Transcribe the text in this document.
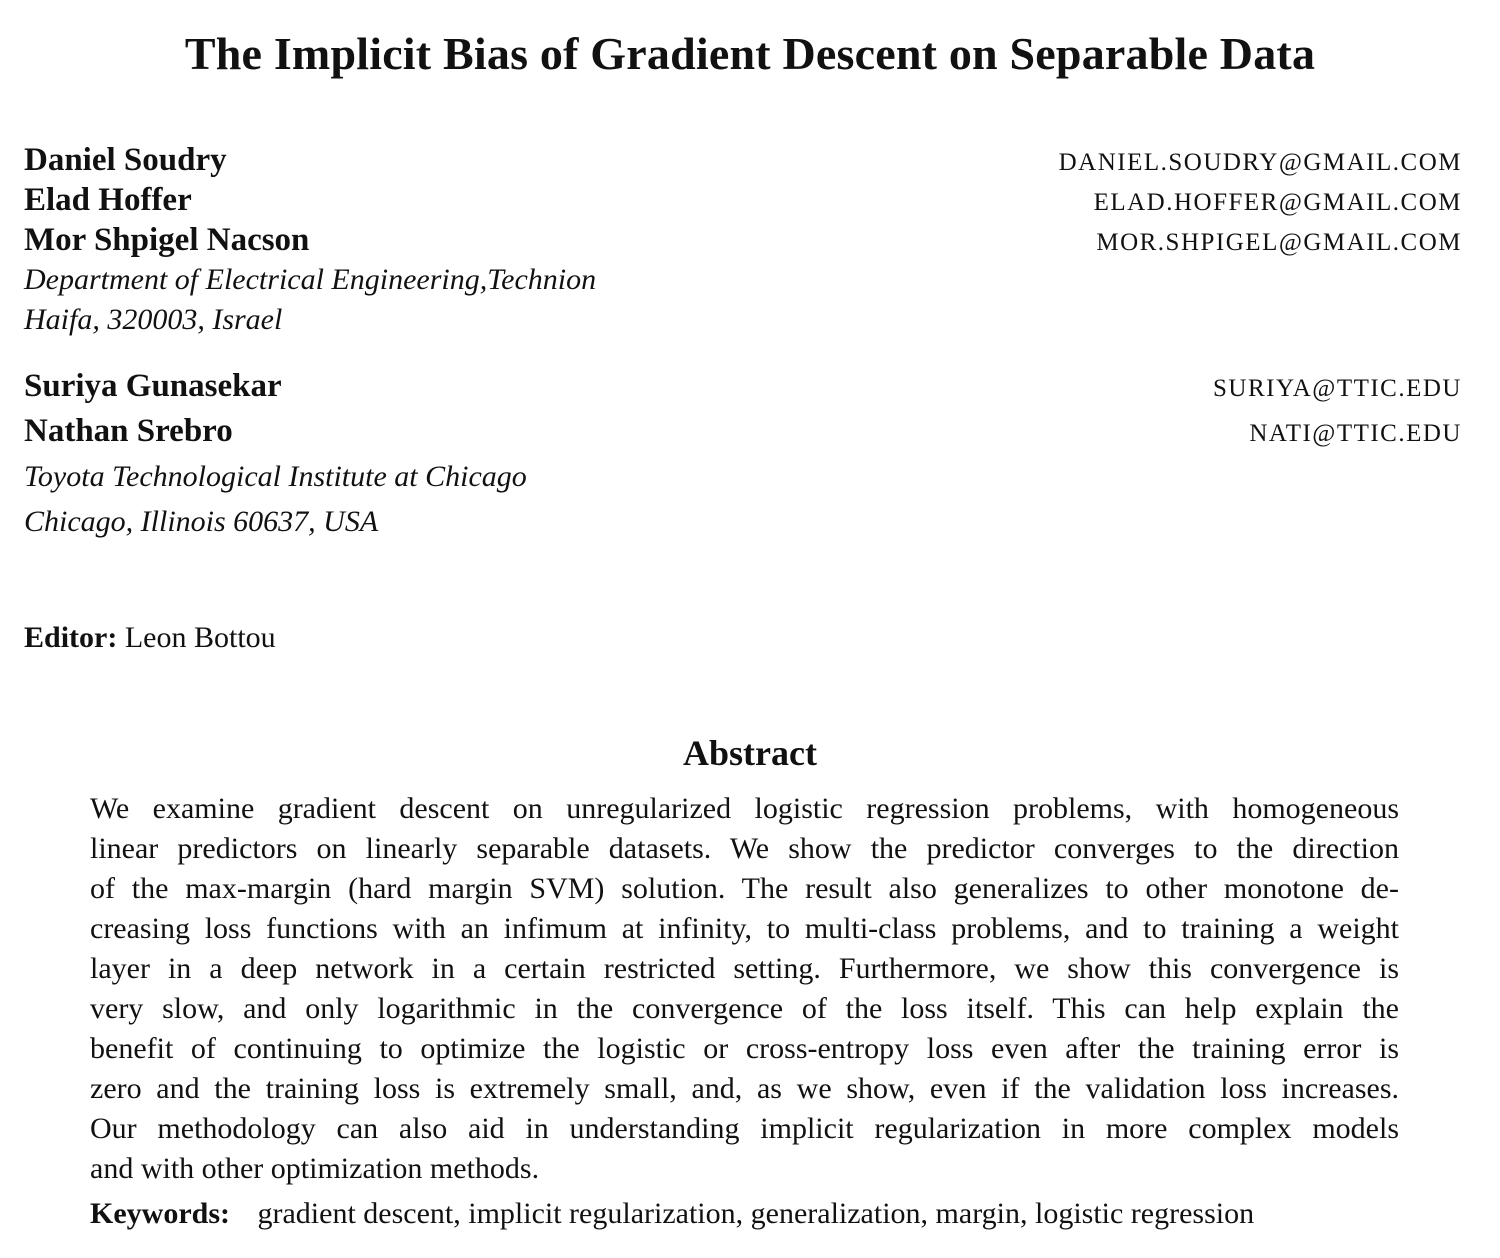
The Implicit Bias of Gradient Descent on Separable Data
Daniel Soudry	DANIEL.SOUDRY@GMAIL.COM
Elad Hoffer	ELAD.HOFFER@GMAIL.COM
Mor Shpigel Nacson	MOR.SHPIGEL@GMAIL.COM
Department of Electrical Engineering,Technion
Haifa, 320003, Israel
Suriya Gunasekar	SURIYA@TTIC.EDU
Nathan Srebro	NATI@TTIC.EDU
Toyota Technological Institute at Chicago
Chicago, Illinois 60637, USA
Editor: Leon Bottou
Abstract
We examine gradient descent on unregularized logistic regression problems, with homogeneous
linear predictors on linearly separable datasets. We show the predictor converges to the direction
of the max-margin (hard margin SVM) solution. The result also generalizes to other monotone de-
creasing loss functions with an infimum at infinity, to multi-class problems, and to training a weight
layer in a deep network in a certain restricted setting. Furthermore, we show this convergence is
very slow, and only logarithmic in the convergence of the loss itself. This can help explain the
benefit of continuing to optimize the logistic or cross-entropy loss even after the training error is
zero and the training loss is extremely small, and, as we show, even if the validation loss increases.
Our methodology can also aid in understanding implicit regularization in more complex models
and with other optimization methods.
Keywords: gradient descent, implicit regularization, generalization, margin, logistic regression
